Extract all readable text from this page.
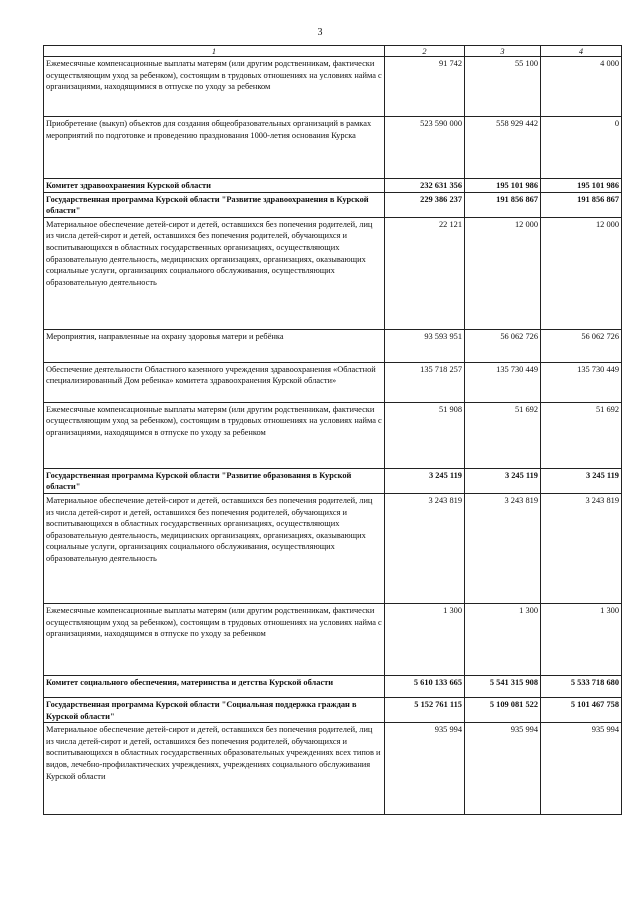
3
1	2	3	4
Ежемесячные компенсационные выплаты матерям (или другим родственникам, фактически осуществляющим уход за ребенком), состоящим в трудовых отношениях на условиях найма с организациями, находящимися в отпуске по уходу за ребенком	91 742	55 100	4 000
Приобретение (выкуп) объектов для создания общеобразовательных организаций в рамках мероприятий по подготовке и проведению празднования 1000-летия основания Курска	523 590 000	558 929 442	0
Комитет здравоохранения Курской области	232 631 356	195 101 986	195 101 986
Государственная программа Курской области "Развитие здравоохранения в Курской области"	229 386 237	191 856 867	191 856 867
Материальное обеспечение детей-сирот и детей, оставшихся без попечения родителей, лиц из числа детей-сирот и детей, оставшихся без попечения родителей, обучающихся и воспитывающихся в областных государственных организациях, осуществляющих образовательную деятельность, медицинских организациях, организациях, оказывающих социальные услуги, организациях социального обслуживания, осуществляющих образовательную деятельность	22 121	12 000	12 000
Мероприятия, направленные на охрану здоровья матери и ребёнка	93 593 951	56 062 726	56 062 726
Обеспечение деятельности Областного казенного учреждения здравоохранения «Областной специализированный Дом ребенка» комитета здравоохранения Курской области»	135 718 257	135 730 449	135 730 449
Ежемесячные компенсационные выплаты матерям (или другим родственникам, фактически осуществляющим уход за ребенком), состоящим в трудовых отношениях на условиях найма с организациями, находящимся в отпуске по уходу за ребенком	51 908	51 692	51 692
Государственная программа Курской области "Развитие образования в Курской области"	3 245 119	3 245 119	3 245 119
Материальное обеспечение детей-сирот и детей, оставшихся без попечения родителей, лиц из числа детей-сирот и детей, оставшихся без попечения родителей, обучающихся и воспитывающихся в областных государственных организациях, осуществляющих образовательную деятельность, медицинских организациях, организациях, оказывающих социальные услуги, организациях социального обслуживания, осуществляющих образовательную деятельность	3 243 819	3 243 819	3 243 819
Ежемесячные компенсационные выплаты матерям (или другим родственникам, фактически осуществляющим уход за ребенком), состоящим в трудовых отношениях на условиях найма с организациями, находящимся в отпуске по уходу за ребенком	1 300	1 300	1 300
Комитет социального обеспечения, материнства и детства Курской области	5 610 133 665	5 541 315 908	5 533 718 680
Государственная программа Курской области "Социальная поддержка граждан в Курской области"	5 152 761 115	5 109 081 522	5 101 467 758
Материальное обеспечение детей-сирот и детей, оставшихся без попечения родителей, лиц из числа детей-сирот и детей, оставшихся без попечения родителей, обучающихся и воспитывающихся в областных государственных образовательных учреждениях всех типов и видов, лечебно-профилактических учреждениях, учреждениях социального обслуживания Курской области	935 994	935 994	935 994
